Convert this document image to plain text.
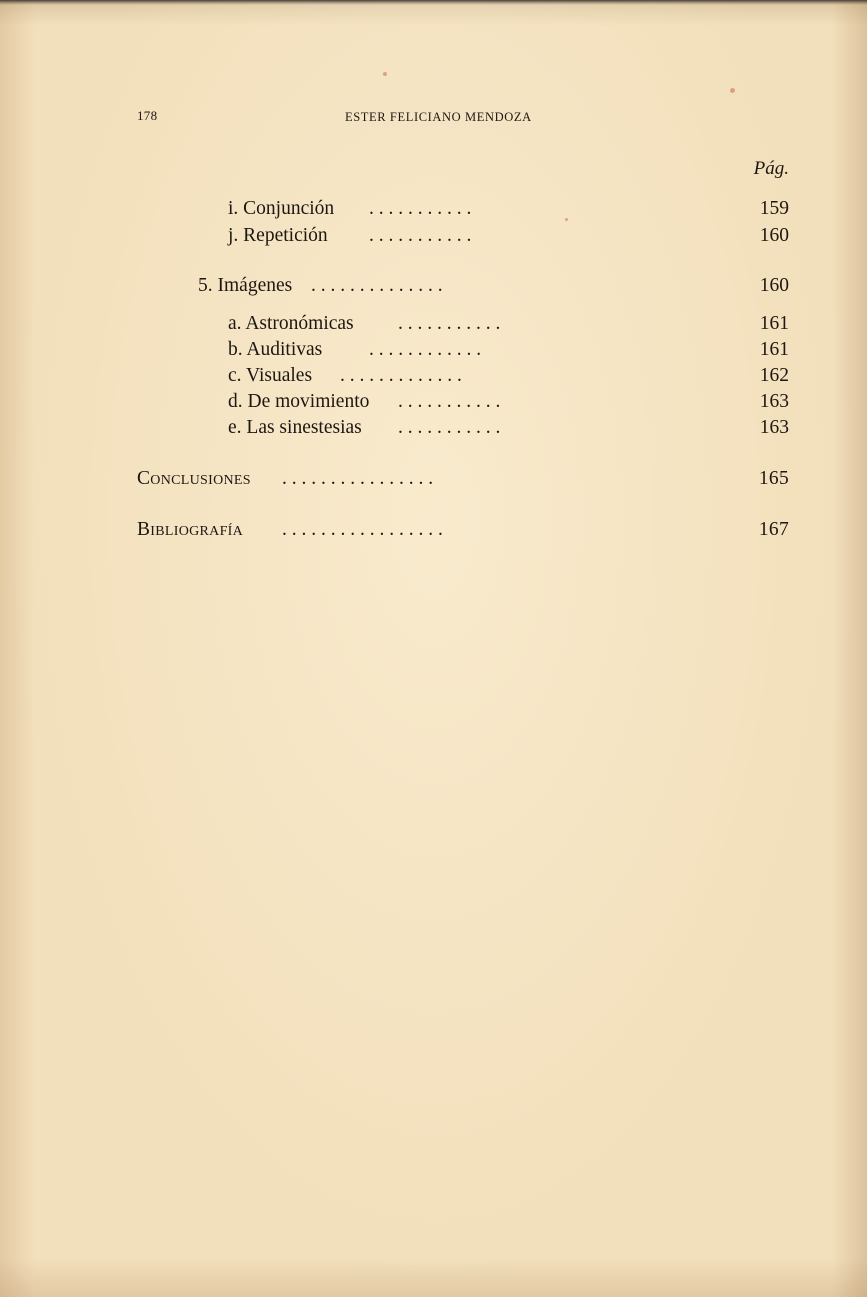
178	ESTER FELICIANO MENDOZA
Pág.
i. Conjunción . . . . . . . . . . .	159
j. Repetición . . . . . . . . . . .	160
5. Imágenes . . . . . . . . . . . . . .	160
a. Astronómicas . . . . . . . . . . .	161
b. Auditivas . . . . . . . . . . . .	161
c. Visuales . . . . . . . . . . . . .	162
d. De movimiento . . . . . . . . . . .	163
e. Las sinestesias . . . . . . . . . . .	163
Conclusiones . . . . . . . . . . . . . . . .	165
Bibliografía . . . . . . . . . . . . . . . . .	167
